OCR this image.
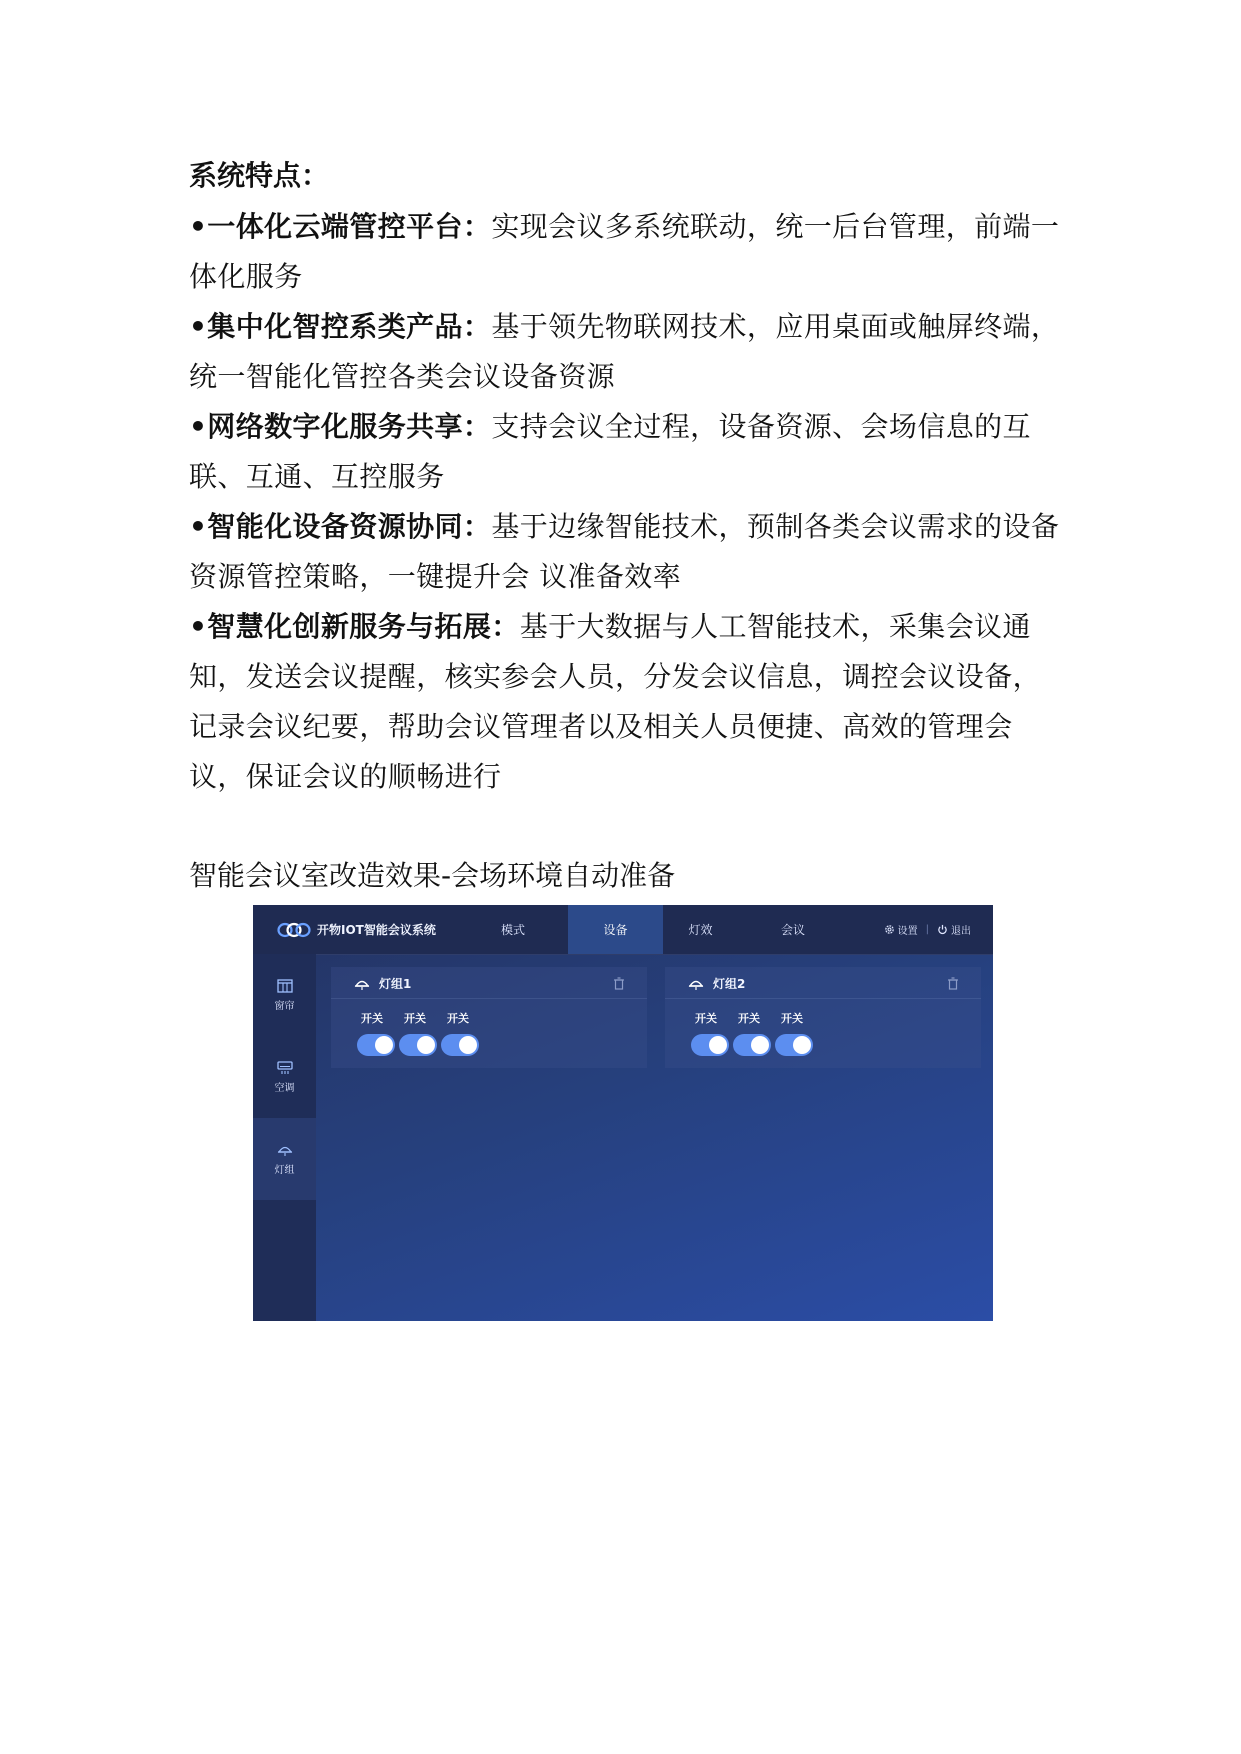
系统特点：

•一体化云端管控平台：实现会议多系统联动，统一后台管理，前端一体化服务

•集中化智控系类产品：基于领先物联网技术，应用桌面或触屏终端，统一智能化管控各类会议设备资源

•网络数字化服务共享：支持会议全过程，设备资源、会场信息的互联、互通、互控服务

•智能化设备资源协同：基于边缘智能技术，预制各类会议需求的设备资源管控策略，一键提升会 议准备效率

•智慧化创新服务与拓展：基于大数据与人工智能技术，采集会议通知，发送会议提醒，核实参会人员，分发会议信息，调控会议设备，记录会议纪要，帮助会议管理者以及相关人员便捷、高效的管理会议，保证会议的顺畅进行

智能会议室改造效果-会场环境自动准备

开物IOT智能会议系统	模式	设备	灯效	会议	设置 | 退出
窗帘
空调
灯组
灯组1
开关 开关 开关
灯组2
开关 开关 开关
